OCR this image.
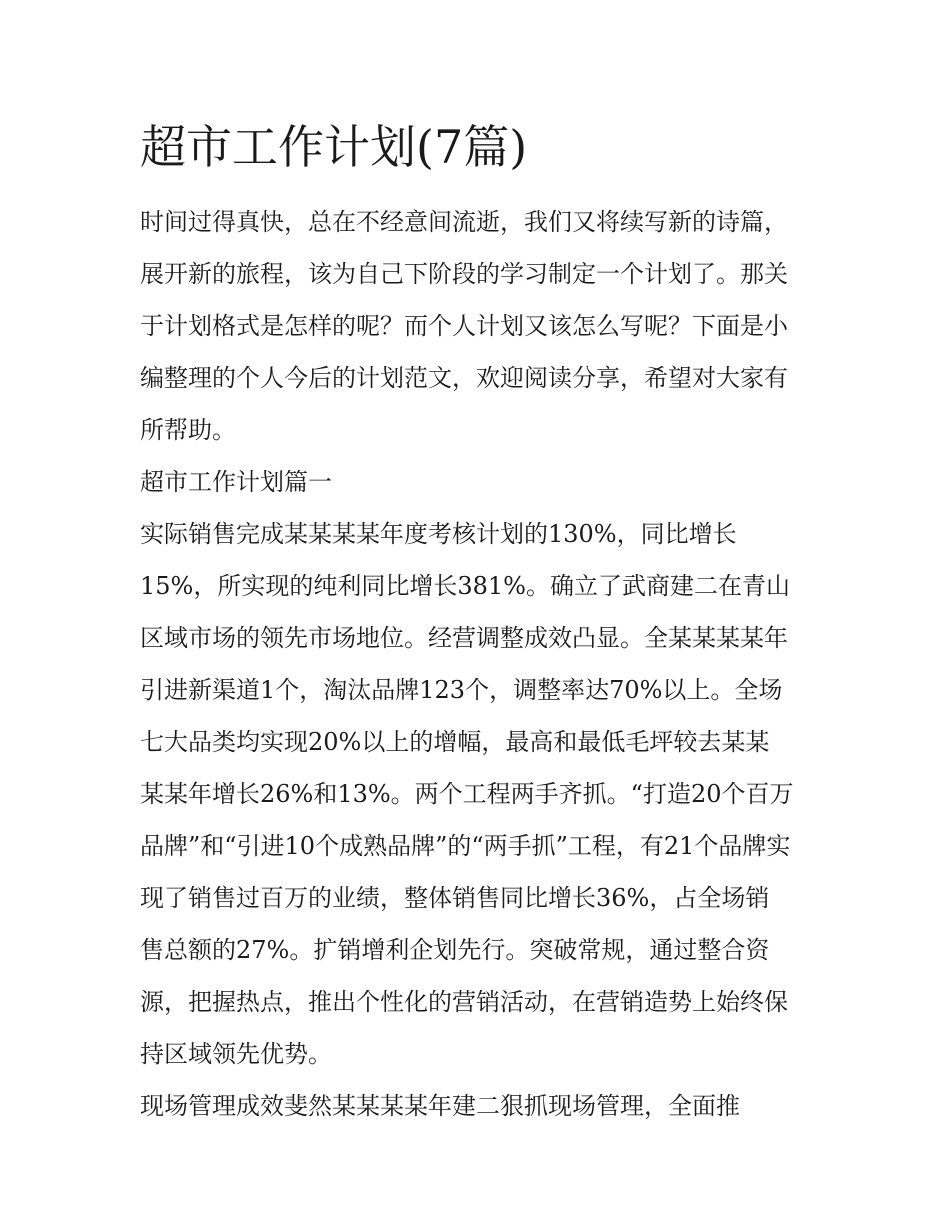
超市工作计划(7篇)
时间过得真快，总在不经意间流逝，我们又将续写新的诗篇，
展开新的旅程，该为自己下阶段的学习制定一个计划了。那关
于计划格式是怎样的呢？而个人计划又该怎么写呢？下面是小
编整理的个人今后的计划范文，欢迎阅读分享，希望对大家有
所帮助。
超市工作计划篇一
实际销售完成某某某某年度考核计划的130%，同比增长
15%，所实现的纯利同比增长381%。确立了武商建二在青山
区域市场的领先市场地位。经营调整成效凸显。全某某某某年
引进新渠道1个，淘汰品牌123个，调整率达70%以上。全场
七大品类均实现20%以上的增幅，最高和最低毛坪较去某某
某某年增长26%和13%。两个工程两手齐抓。“打造20个百万
品牌”和“引进10个成熟品牌”的“两手抓”工程，有21个品牌实
现了销售过百万的业绩，整体销售同比增长36%，占全场销
售总额的27%。扩销增利企划先行。突破常规，通过整合资
源，把握热点，推出个性化的营销活动，在营销造势上始终保
持区域领先优势。
现场管理成效斐然某某某某年建二狠抓现场管理，全面推
